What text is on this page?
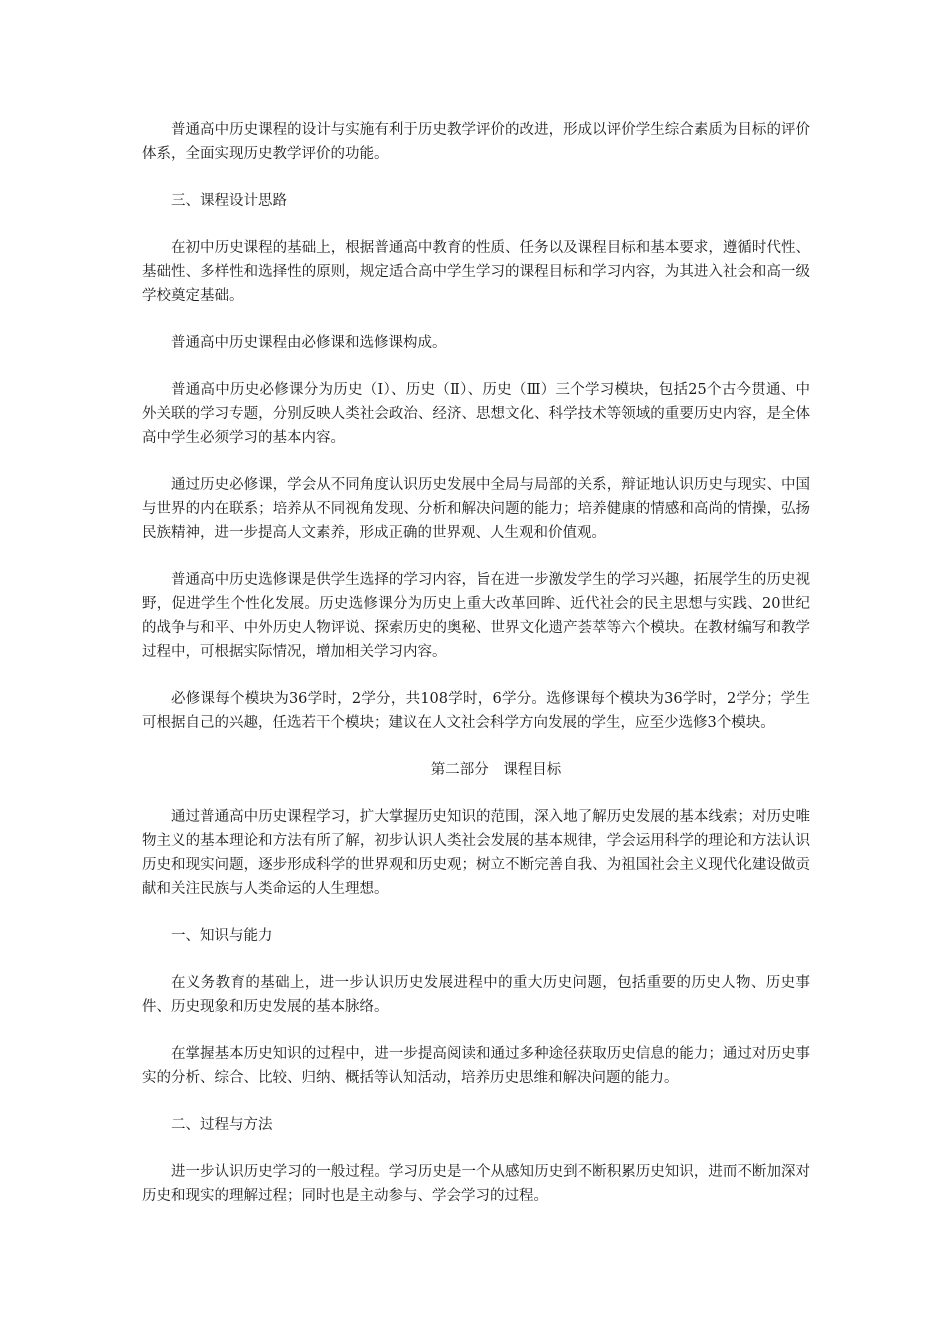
普通高中历史课程的设计与实施有利于历史教学评价的改进，形成以评价学生综合素质为目标的评价体系，全面实现历史教学评价的功能。

三、课程设计思路

在初中历史课程的基础上，根据普通高中教育的性质、任务以及课程目标和基本要求，遵循时代性、基础性、多样性和选择性的原则，规定适合高中学生学习的课程目标和学习内容，为其进入社会和高一级学校奠定基础。

普通高中历史课程由必修课和选修课构成。

普通高中历史必修课分为历史（Ⅰ）、历史（Ⅱ）、历史（Ⅲ）三个学习模块，包括25个古今贯通、中外关联的学习专题，分别反映人类社会政治、经济、思想文化、科学技术等领域的重要历史内容，是全体高中学生必须学习的基本内容。

通过历史必修课，学会从不同角度认识历史发展中全局与局部的关系，辩证地认识历史与现实、中国与世界的内在联系；培养从不同视角发现、分析和解决问题的能力；培养健康的情感和高尚的情操，弘扬民族精神，进一步提高人文素养，形成正确的世界观、人生观和价值观。

普通高中历史选修课是供学生选择的学习内容，旨在进一步激发学生的学习兴趣，拓展学生的历史视野，促进学生个性化发展。历史选修课分为历史上重大改革回眸、近代社会的民主思想与实践、20世纪的战争与和平、中外历史人物评说、探索历史的奥秘、世界文化遗产荟萃等六个模块。在教材编写和教学过程中，可根据实际情况，增加相关学习内容。

必修课每个模块为36学时，2学分，共108学时，6学分。选修课每个模块为36学时，2学分；学生可根据自己的兴趣，任选若干个模块；建议在人文社会科学方向发展的学生，应至少选修3个模块。

第二部分　课程目标

通过普通高中历史课程学习，扩大掌握历史知识的范围，深入地了解历史发展的基本线索；对历史唯物主义的基本理论和方法有所了解，初步认识人类社会发展的基本规律，学会运用科学的理论和方法认识历史和现实问题，逐步形成科学的世界观和历史观；树立不断完善自我、为祖国社会主义现代化建设做贡献和关注民族与人类命运的人生理想。

一、知识与能力

在义务教育的基础上，进一步认识历史发展进程中的重大历史问题，包括重要的历史人物、历史事件、历史现象和历史发展的基本脉络。

在掌握基本历史知识的过程中，进一步提高阅读和通过多种途径获取历史信息的能力；通过对历史事实的分析、综合、比较、归纳、概括等认知活动，培养历史思维和解决问题的能力。

二、过程与方法

进一步认识历史学习的一般过程。学习历史是一个从感知历史到不断积累历史知识，进而不断加深对历史和现实的理解过程；同时也是主动参与、学会学习的过程。
